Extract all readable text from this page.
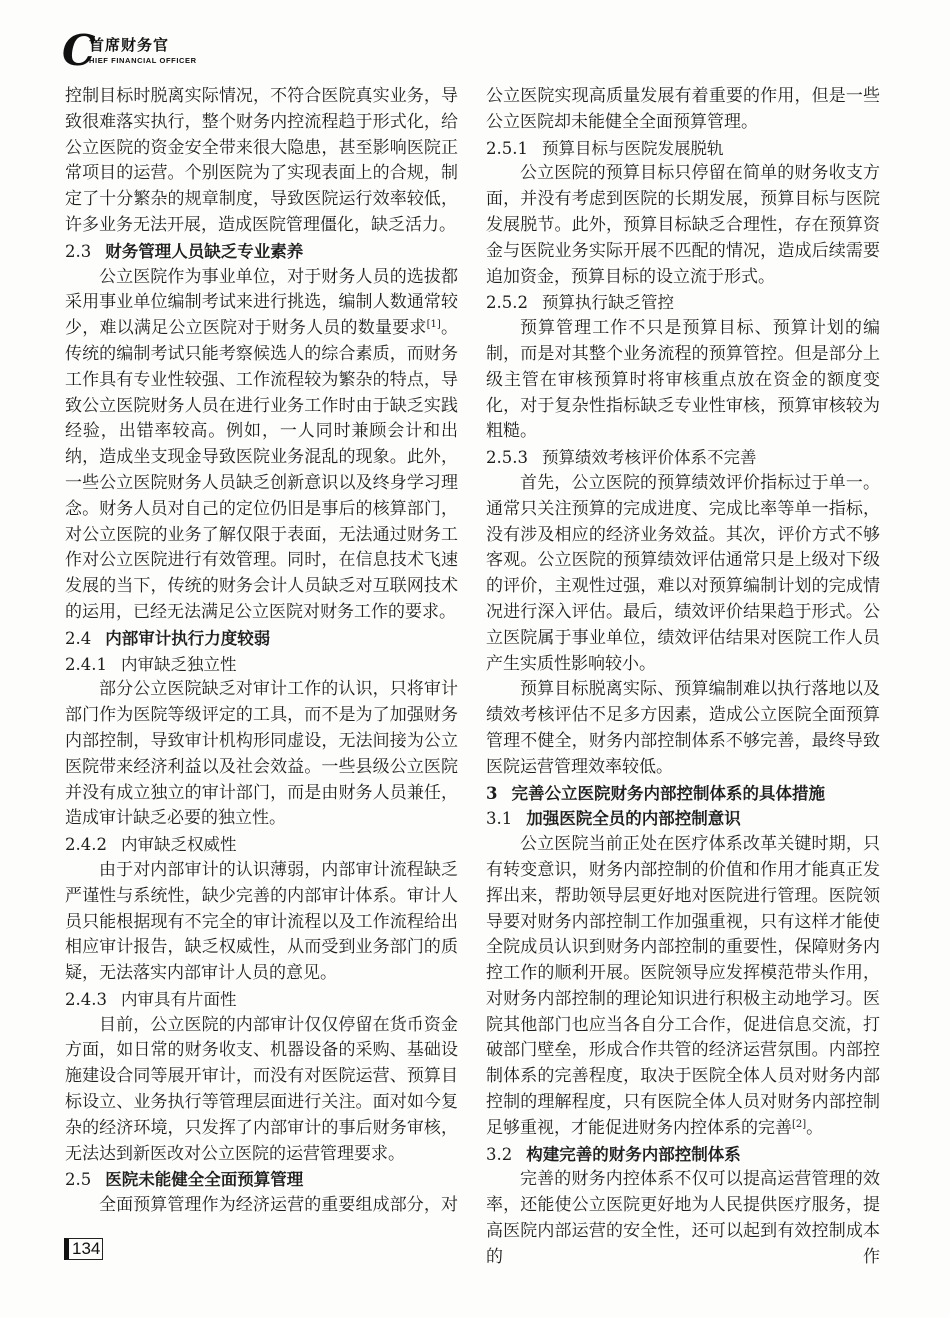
C
首席财务官
HIEF FINANCIAL OFFICER

控制目标时脱离实际情况，不符合医院真实业务，导致很难落实执行，整个财务内控流程趋于形式化，给公立医院的资金安全带来很大隐患，甚至影响医院正常项目的运营。个别医院为了实现表面上的合规，制定了十分繁杂的规章制度，导致医院运行效率较低，许多业务无法开展，造成医院管理僵化，缺乏活力。

2.3 财务管理人员缺乏专业素养

公立医院作为事业单位，对于财务人员的选拔都采用事业单位编制考试来进行挑选，编制人数通常较少，难以满足公立医院对于财务人员的数量要求[1]。传统的编制考试只能考察候选人的综合素质，而财务工作具有专业性较强、工作流程较为繁杂的特点，导致公立医院财务人员在进行业务工作时由于缺乏实践经验，出错率较高。例如，一人同时兼顾会计和出纳，造成坐支现金导致医院业务混乱的现象。此外，一些公立医院财务人员缺乏创新意识以及终身学习理念。财务人员对自己的定位仍旧是事后的核算部门，对公立医院的业务了解仅限于表面，无法通过财务工作对公立医院进行有效管理。同时，在信息技术飞速发展的当下，传统的财务会计人员缺乏对互联网技术的运用，已经无法满足公立医院对财务工作的要求。

2.4 内部审计执行力度较弱
2.4.1 内审缺乏独立性

部分公立医院缺乏对审计工作的认识，只将审计部门作为医院等级评定的工具，而不是为了加强财务内部控制，导致审计机构形同虚设，无法间接为公立医院带来经济利益以及社会效益。一些县级公立医院并没有成立独立的审计部门，而是由财务人员兼任，造成审计缺乏必要的独立性。

2.4.2 内审缺乏权威性

由于对内部审计的认识薄弱，内部审计流程缺乏严谨性与系统性，缺少完善的内部审计体系。审计人员只能根据现有不完全的审计流程以及工作流程给出相应审计报告，缺乏权威性，从而受到业务部门的质疑，无法落实内部审计人员的意见。

2.4.3 内审具有片面性

目前，公立医院的内部审计仅仅停留在货币资金方面，如日常的财务收支、机器设备的采购、基础设施建设合同等展开审计，而没有对医院运营、预算目标设立、业务执行等管理层面进行关注。面对如今复杂的经济环境，只发挥了内部审计的事后财务审核，无法达到新医改对公立医院的运营管理要求。

2.5 医院未能健全全面预算管理

全面预算管理作为经济运营的重要组成部分，对

公立医院实现高质量发展有着重要的作用，但是一些公立医院却未能健全全面预算管理。

2.5.1 预算目标与医院发展脱轨

公立医院的预算目标只停留在简单的财务收支方面，并没有考虑到医院的长期发展，预算目标与医院发展脱节。此外，预算目标缺乏合理性，存在预算资金与医院业务实际开展不匹配的情况，造成后续需要追加资金，预算目标的设立流于形式。

2.5.2 预算执行缺乏管控

预算管理工作不只是预算目标、预算计划的编制，而是对其整个业务流程的预算管控。但是部分上级主管在审核预算时将审核重点放在资金的额度变化，对于复杂性指标缺乏专业性审核，预算审核较为粗糙。

2.5.3 预算绩效考核评价体系不完善

首先，公立医院的预算绩效评价指标过于单一。通常只关注预算的完成进度、完成比率等单一指标，没有涉及相应的经济业务效益。其次，评价方式不够客观。公立医院的预算绩效评估通常只是上级对下级的评价，主观性过强，难以对预算编制计划的完成情况进行深入评估。最后，绩效评价结果趋于形式。公立医院属于事业单位，绩效评估结果对医院工作人员产生实质性影响较小。

预算目标脱离实际、预算编制难以执行落地以及绩效考核评估不足多方因素，造成公立医院全面预算管理不健全，财务内部控制体系不够完善，最终导致医院运营管理效率较低。

3 完善公立医院财务内部控制体系的具体措施
3.1 加强医院全员的内部控制意识

公立医院当前正处在医疗体系改革关键时期，只有转变意识，财务内部控制的价值和作用才能真正发挥出来，帮助领导层更好地对医院进行管理。医院领导要对财务内部控制工作加强重视，只有这样才能使全院成员认识到财务内部控制的重要性，保障财务内控工作的顺利开展。医院领导应发挥模范带头作用，对财务内部控制的理论知识进行积极主动地学习。医院其他部门也应当各自分工合作，促进信息交流，打破部门壁垒，形成合作共管的经济运营氛围。内部控制体系的完善程度，取决于医院全体人员对财务内部控制的理解程度，只有医院全体人员对财务内部控制足够重视，才能促进财务内控体系的完善[2]。

3.2 构建完善的财务内部控制体系

完善的财务内控体系不仅可以提高运营管理的效率，还能使公立医院更好地为人民提供医疗服务，提高医院内部运营的安全性，还可以起到有效控制成本的作

134
